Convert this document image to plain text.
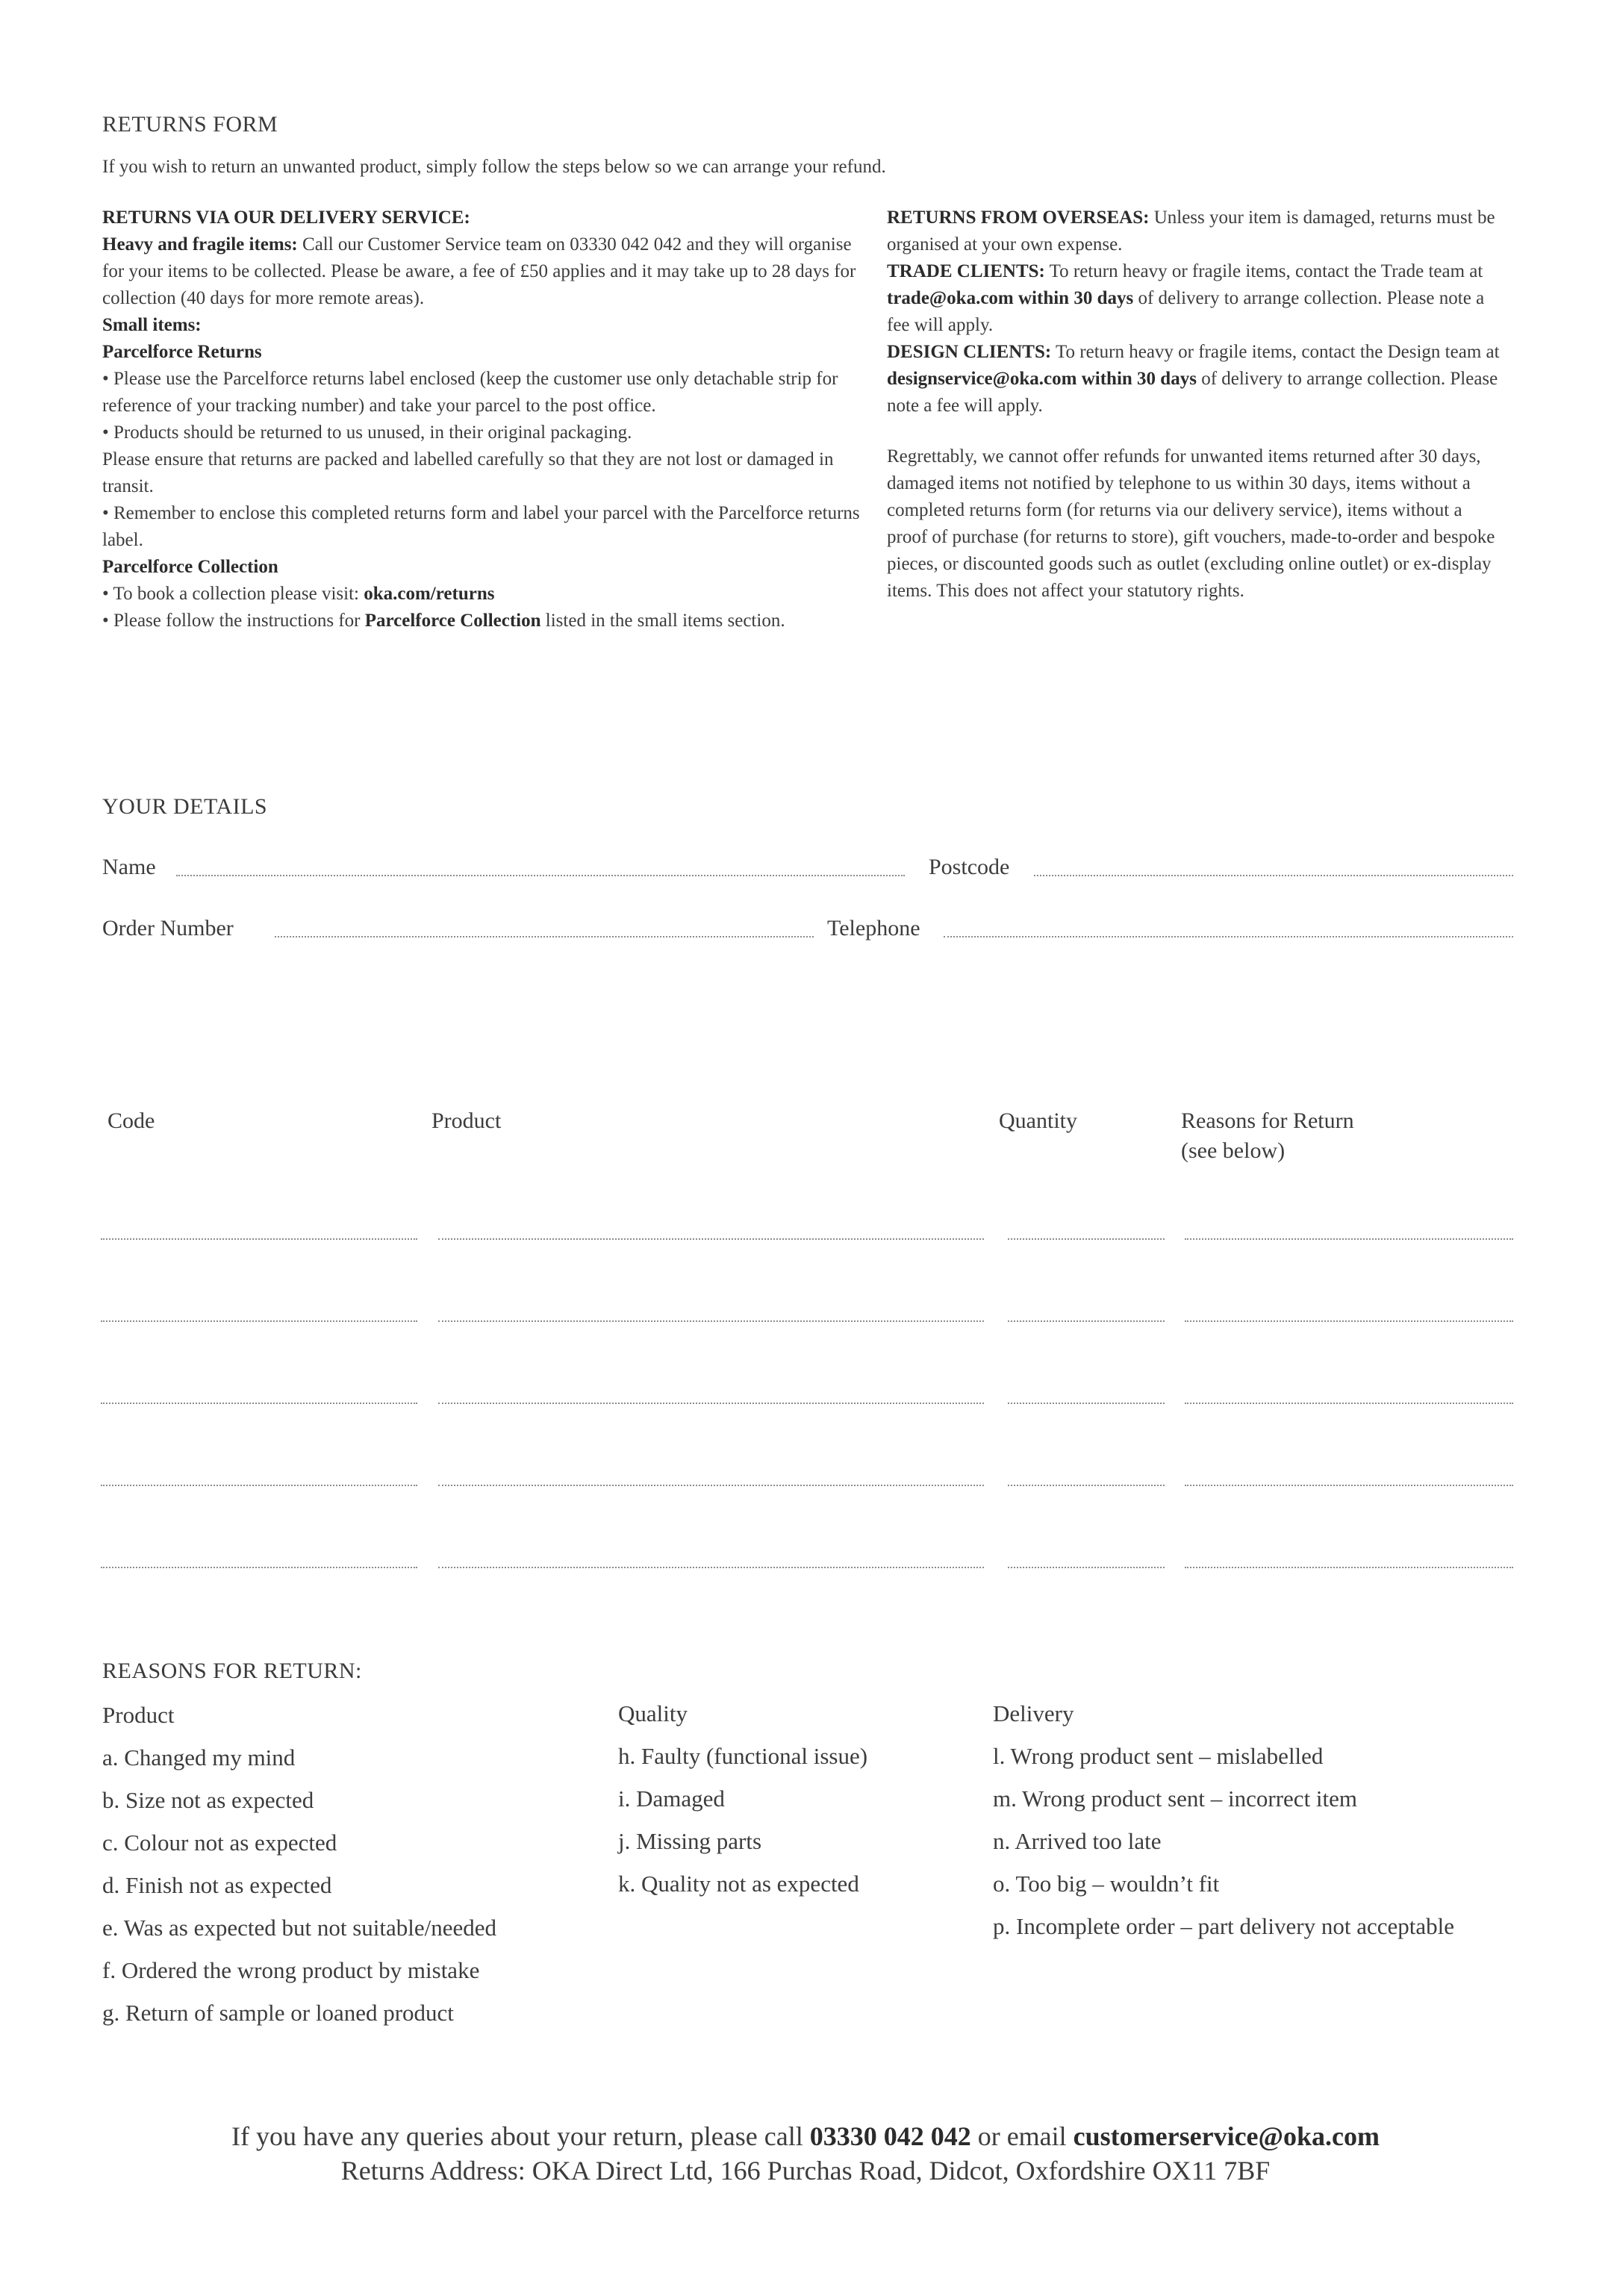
RETURNS FORM
If you wish to return an unwanted product, simply follow the steps below so we can arrange your refund.

RETURNS VIA OUR DELIVERY SERVICE:

Heavy and fragile items: Call our Customer Service team on 03330 042 042 and they will organise for your items to be collected. Please be aware, a fee of £50 applies and it may take up to 28 days for collection (40 days for more remote areas).

Small items:

Parcelforce Returns

• Please use the Parcelforce returns label enclosed (keep the customer use only detachable strip for reference of your tracking number) and take your parcel to the post office.

• Products should be returned to us unused, in their original packaging.

Please ensure that returns are packed and labelled carefully so that they are not lost or damaged in transit.

• Remember to enclose this completed returns form and label your parcel with the Parcelforce returns label.

Parcelforce Collection

• To book a collection please visit: oka.com/returns

• Please follow the instructions for Parcelforce Collection listed in the small items section.

RETURNS FROM OVERSEAS: Unless your item is damaged, returns must be organised at your own expense.

TRADE CLIENTS: To return heavy or fragile items, contact the Trade team at trade@oka.com within 30 days of delivery to arrange collection. Please note a fee will apply.

DESIGN CLIENTS: To return heavy or fragile items, contact the Design team at designservice@oka.com within 30 days of delivery to arrange collection. Please note a fee will apply.

Regrettably, we cannot offer refunds for unwanted items returned after 30 days, damaged items not notified by telephone to us within 30 days, items without a completed returns form (for returns via our delivery service), items without a proof of purchase (for returns to store), gift vouchers, made-to-order and bespoke pieces, or discounted goods such as outlet (excluding online outlet) or ex-display items. This does not affect your statutory rights.

YOUR DETAILS
Name	Postcode
Order Number	Telephone
Code	Product	Quantity	Reasons for Return
(see below)
REASONS FOR RETURN:
Product
a. Changed my mind
b. Size not as expected
c. Colour not as expected
d. Finish not as expected
e. Was as expected but not suitable/needed
f. Ordered the wrong product by mistake
g. Return of sample or loaned product
Quality
h. Faulty (functional issue)
i. Damaged
j. Missing parts
k. Quality not as expected
Delivery
l. Wrong product sent – mislabelled
m. Wrong product sent – incorrect item
n. Arrived too late
o. Too big – wouldn’t fit
p. Incomplete order – part delivery not acceptable
If you have any queries about your return, please call 03330 042 042 or email customerservice@oka.com
Returns Address: OKA Direct Ltd, 166 Purchas Road, Didcot, Oxfordshire OX11 7BF
